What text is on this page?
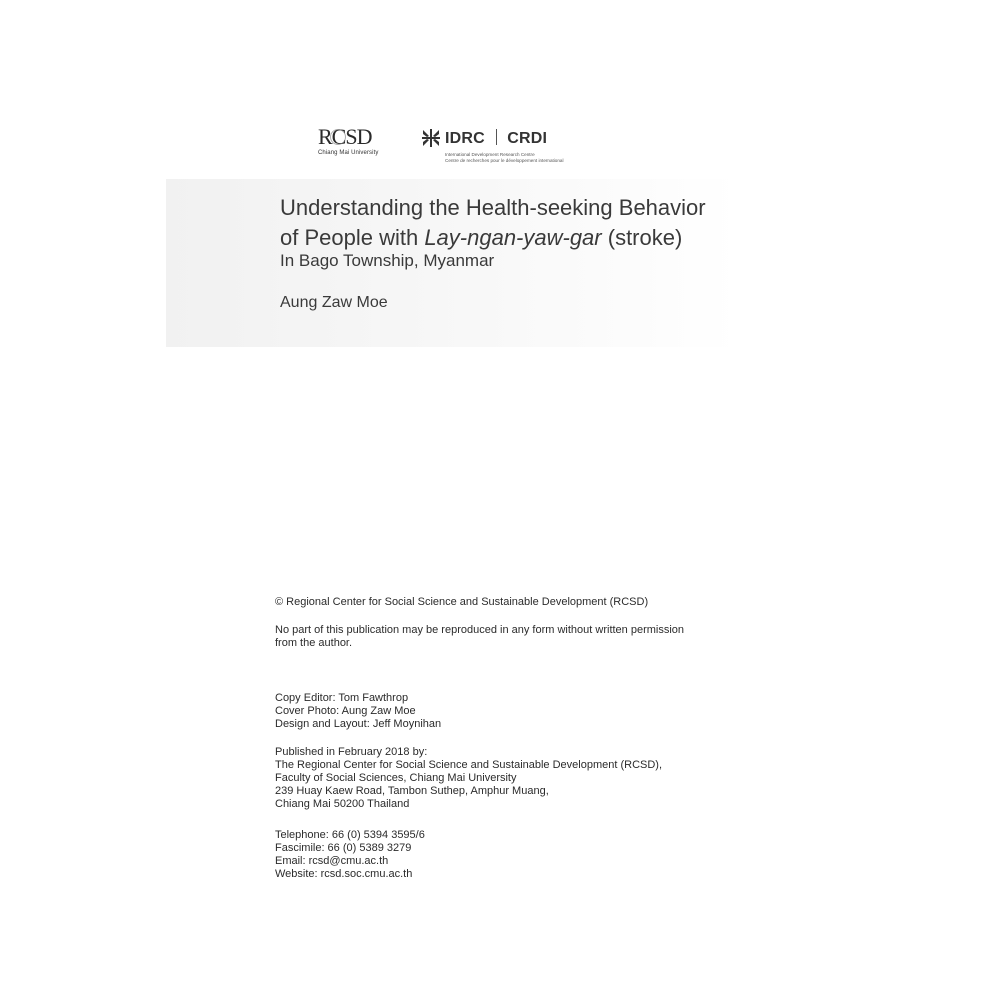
RCSD
Chiang Mai University
IDRC CRDI
International Development Research Centre
Centre de recherches pour le développement international
Understanding the Health-seeking Behavior
of People with Lay-ngan-yaw-gar (stroke)

In Bago Township, Myanmar

Aung Zaw Moe

© Regional Center for Social Science and Sustainable Development (RCSD)

No part of this publication may be reproduced in any form without written permission
from the author.

Copy Editor: Tom Fawthrop
Cover Photo: Aung Zaw Moe
Design and Layout: Jeff Moynihan

Published in February 2018 by:
The Regional Center for Social Science and Sustainable Development (RCSD),
Faculty of Social Sciences, Chiang Mai University
239 Huay Kaew Road, Tambon Suthep, Amphur Muang,
Chiang Mai 50200 Thailand

Telephone: 66 (0) 5394 3595/6
Fascimile: 66 (0) 5389 3279
Email: rcsd@cmu.ac.th
Website: rcsd.soc.cmu.ac.th
